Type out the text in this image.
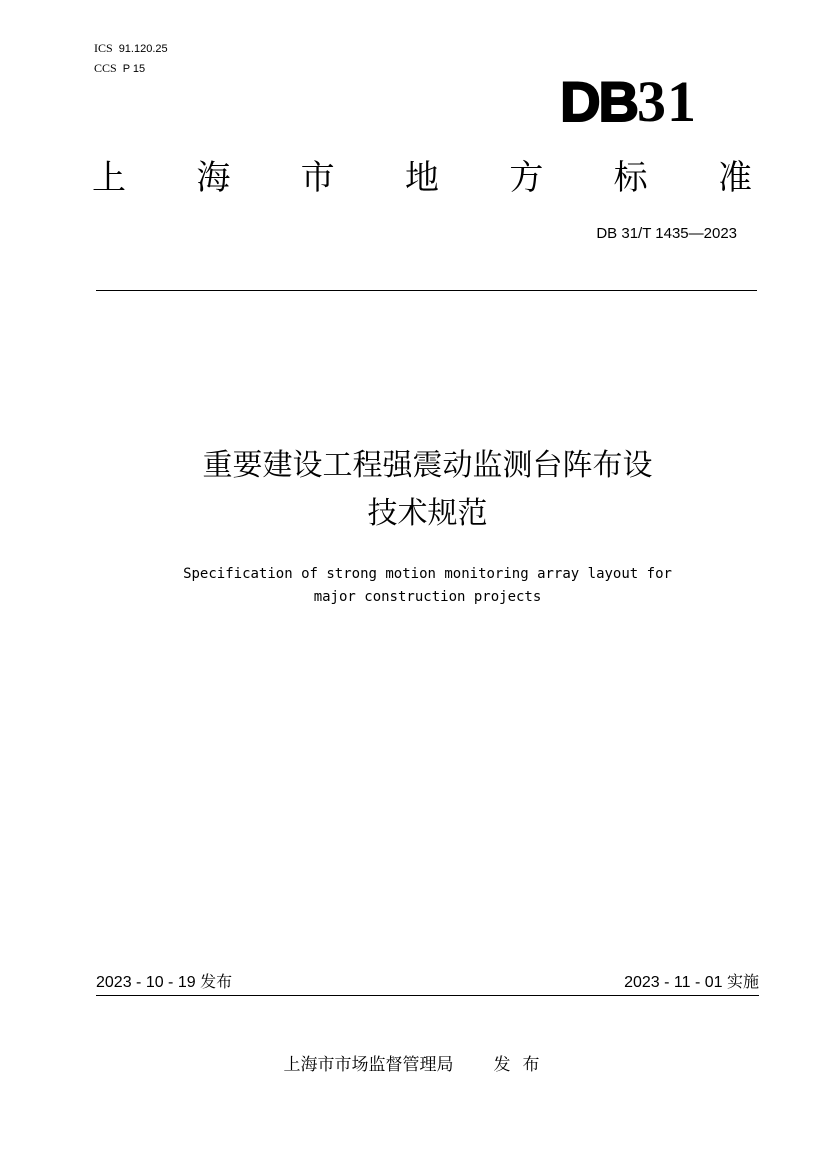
ICS 91.120.25
CCS P 15
DB31
上 海 市 地 方 标 准
DB 31/T 1435—2023
重要建设工程强震动监测台阵布设
技术规范
Specification of strong motion monitoring array layout for
major construction projects
2023 - 10 - 19 发布	2023 - 11 - 01 实施
上海市市场监督管理局 发布
